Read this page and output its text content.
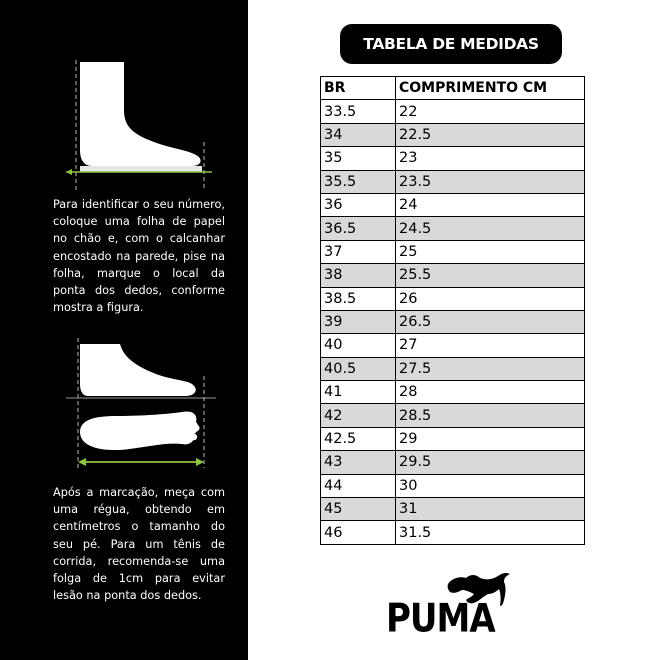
Para identificar o seu número, coloque uma folha de papel no chão e, com o calcanhar encostado na parede, pise na folha, marque o local da ponta dos dedos, conforme mostra a figura.

Após a marcação, meça com uma régua, obtendo em centímetros o tamanho do seu pé. Para um tênis de corrida, recomenda-se uma folga de 1cm para evitar lesão na ponta dos dedos.

TABELA DE MEDIDAS
BR	COMPRIMENTO CM
33.5	22
34	22.5
35	23
35.5	23.5
36	24
36.5	24.5
37	25
38	25.5
38.5	26
39	26.5
40	27
40.5	27.5
41	28
42	28.5
42.5	29
43	29.5
44	30
45	31
46	31.5
PUMA
